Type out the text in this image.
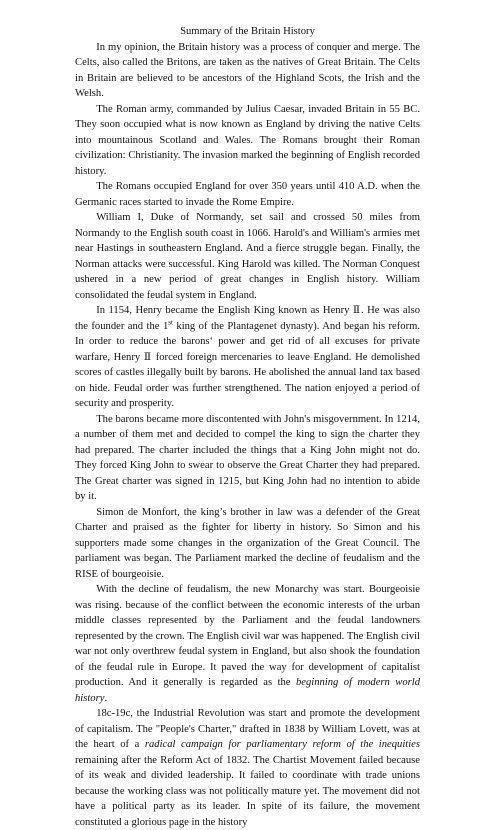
Summary of the Britain History

In my opinion, the Britain history was a process of conquer and merge. The Celts, also called the Britons, are taken as the natives of Great Britain. The Celts in Britain are believed to be ancestors of the Highland Scots, the Irish and the Welsh.

The Roman army, commanded by Julius Caesar, invaded Britain in 55 BC. They soon occupied what is now known as England by driving the native Celts into mountainous Scotland and Wales. The Romans brought their Roman civilization: Christianity. The invasion marked the beginning of English recorded history.

The Romans occupied England for over 350 years until 410 A.D. when the Germanic races started to invade the Rome Empire.

William I, Duke of Normandy, set sail and crossed 50 miles from Normandy to the English south coast in 1066. Harold's and William's armies met near Hastings in southeastern England. And a fierce struggle began. Finally, the Norman attacks were successful. King Harold was killed. The Norman Conquest ushered in a new period of great changes in English history. William consolidated the feudal system in England.

In 1154, Henry became the English King known as Henry Ⅱ. He was also the founder and the 1st king of the Plantagenet dynasty). And began his reform. In order to reduce the barons‘ power and get rid of all excuses for private warfare, Henry Ⅱ forced foreign mercenaries to leave England. He demolished scores of castles illegally built by barons. He abolished the annual land tax based on hide. Feudal order was further strengthened. The nation enjoyed a period of security and prosperity.

The barons became more discontented with John's misgovernment. In 1214, a number of them met and decided to compel the king to sign the charter they had prepared. The charter included the things that a King John might not do. They forced King John to swear to observe the Great Charter they had prepared. The Great charter was signed in 1215, but King John had no intention to abide by it.

Simon de Monfort, the king’s brother in law was a defender of the Great Charter and praised as the fighter for liberty in history. So Simon and his supporters made some changes in the organization of the Great Council. The parliament was began. The Parliament marked the decline of feudalism and the RISE of bourgeoisie.

With the decline of feudalism, the new Monarchy was start. Bourgeoisie was rising. because of the conflict between the economic interests of the urban middle classes represented by the Parliament and the feudal landowners represented by the crown. The English civil war was happened. The English civil war not only overthrew feudal system in England, but also shook the foundation of the feudal rule in Europe. It paved the way for development of capitalist production. And it generally is regarded as the beginning of modern world history.

18c-19c, the Industrial Revolution was start and promote the development of capitalism. The "People's Charter," drafted in 1838 by William Lovett, was at the heart of a radical campaign for parliamentary reform of the inequities remaining after the Reform Act of 1832. The Chartist Movement failed because of its weak and divided leadership. It failed to coordinate with trade unions because the working class was not politically mature yet. The movement did not have a political party as its leader. In spite of its failure, the movement constituted a glorious page in the history
